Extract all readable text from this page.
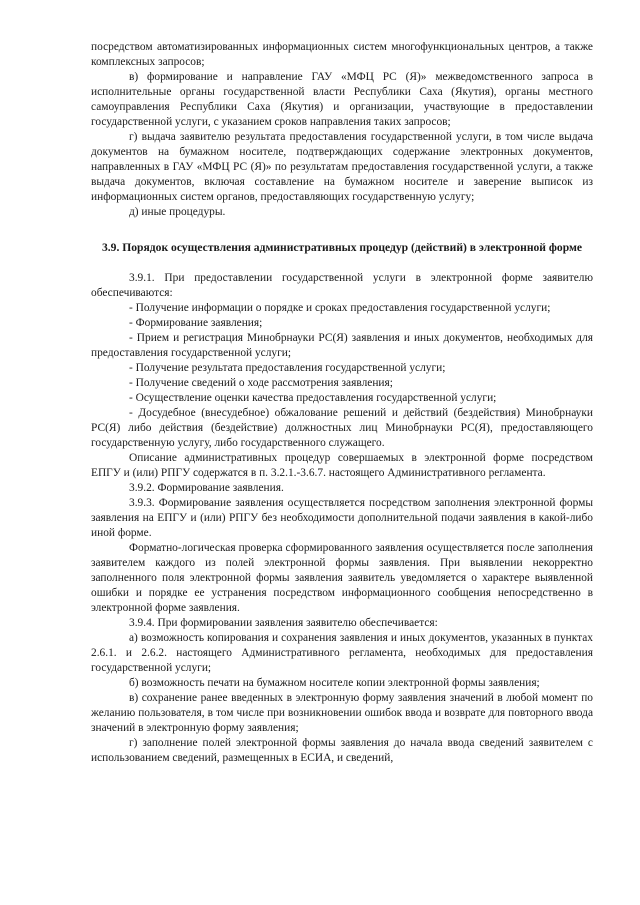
посредством автоматизированных информационных систем многофункциональных центров, а также комплексных запросов;

в) формирование и направление ГАУ «МФЦ РС (Я)» межведомственного запроса в исполнительные органы государственной власти Республики Саха (Якутия), органы местного самоуправления Республики Саха (Якутия) и организации, участвующие в предоставлении государственной услуги, с указанием сроков направления таких запросов;

г) выдача заявителю результата предоставления государственной услуги, в том числе выдача документов на бумажном носителе, подтверждающих содержание электронных документов, направленных в ГАУ «МФЦ РС (Я)» по результатам предоставления государственной услуги, а также выдача документов, включая составление на бумажном носителе и заверение выписок из информационных систем органов, предоставляющих государственную услугу;

д) иные процедуры.

3.9. Порядок осуществления административных процедур (действий) в электронной форме

3.9.1. При предоставлении государственной услуги в электронной форме заявителю обеспечиваются:

- Получение информации о порядке и сроках предоставления государственной услуги;

- Формирование заявления;

- Прием и регистрация Минобрнауки РС(Я) заявления и иных документов, необходимых для предоставления государственной услуги;

- Получение результата предоставления государственной услуги;

- Получение сведений о ходе рассмотрения заявления;

- Осуществление оценки качества предоставления государственной услуги;

- Досудебное (внесудебное) обжалование решений и действий (бездействия) Минобрнауки РС(Я) либо действия (бездействие) должностных лиц Минобрнауки РС(Я), предоставляющего государственную услугу, либо государственного служащего.

Описание административных процедур совершаемых в электронной форме посредством ЕПГУ и (или) РПГУ содержатся в п. 3.2.1.-3.6.7. настоящего Административного регламента.

3.9.2. Формирование заявления.

3.9.3. Формирование заявления осуществляется посредством заполнения электронной формы заявления на ЕПГУ и (или) РПГУ без необходимости дополнительной подачи заявления в какой-либо иной форме.

Форматно-логическая проверка сформированного заявления осуществляется после заполнения заявителем каждого из полей электронной формы заявления. При выявлении некорректно заполненного поля электронной формы заявления заявитель уведомляется о характере выявленной ошибки и порядке ее устранения посредством информационного сообщения непосредственно в электронной форме заявления.

3.9.4. При формировании заявления заявителю обеспечивается:

а) возможность копирования и сохранения заявления и иных документов, указанных в пунктах 2.6.1. и 2.6.2. настоящего Административного регламента, необходимых для предоставления государственной услуги;

б) возможность печати на бумажном носителе копии электронной формы заявления;

в) сохранение ранее введенных в электронную форму заявления значений в любой момент по желанию пользователя, в том числе при возникновении ошибок ввода и возврате для повторного ввода значений в электронную форму заявления;

г) заполнение полей электронной формы заявления до начала ввода сведений заявителем с использованием сведений, размещенных в ЕСИА, и сведений,
